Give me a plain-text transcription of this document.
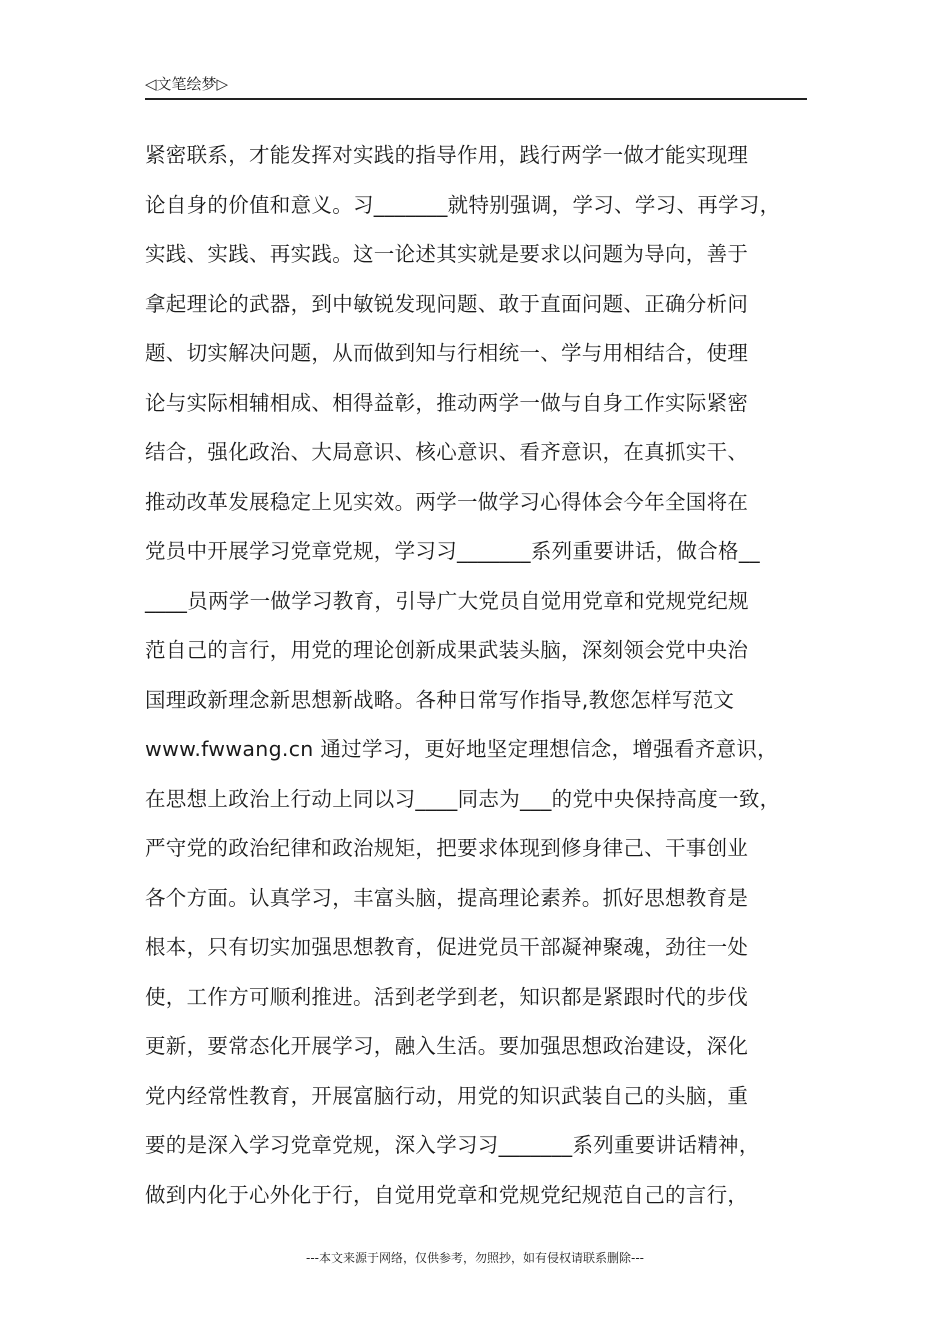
◁文笔绘梦▷
紧密联系，才能发挥对实践的指导作用，践行两学一做才能实现理
论自身的价值和意义。习_______就特别强调，学习、学习、再学习，
实践、实践、再实践。这一论述其实就是要求以问题为导向，善于
拿起理论的武器，到中敏锐发现问题、敢于直面问题、正确分析问
题、切实解决问题，从而做到知与行相统一、学与用相结合，使理
论与实际相辅相成、相得益彰，推动两学一做与自身工作实际紧密
结合，强化政治、大局意识、核心意识、看齐意识，在真抓实干、
推动改革发展稳定上见实效。两学一做学习心得体会今年全国将在
党员中开展学习党章党规，学习习_______系列重要讲话，做合格__
____员两学一做学习教育，引导广大党员自觉用党章和党规党纪规
范自己的言行，用党的理论创新成果武装头脑，深刻领会党中央治
国理政新理念新思想新战略。各种日常写作指导,教您怎样写范文
www.fwwang.cn 通过学习，更好地坚定理想信念，增强看齐意识，
在思想上政治上行动上同以习____同志为___的党中央保持高度一致，
严守党的政治纪律和政治规矩，把要求体现到修身律己、干事创业
各个方面。认真学习，丰富头脑，提高理论素养。抓好思想教育是
根本，只有切实加强思想教育，促进党员干部凝神聚魂，劲往一处
使，工作方可顺利推进。活到老学到老，知识都是紧跟时代的步伐
更新，要常态化开展学习，融入生活。要加强思想政治建设，深化
党内经常性教育，开展富脑行动，用党的知识武装自己的头脑，重
要的是深入学习党章党规，深入学习习_______系列重要讲话精神，
做到内化于心外化于行，自觉用党章和党规党纪规范自己的言行，
---本文来源于网络，仅供参考，勿照抄，如有侵权请联系删除---
